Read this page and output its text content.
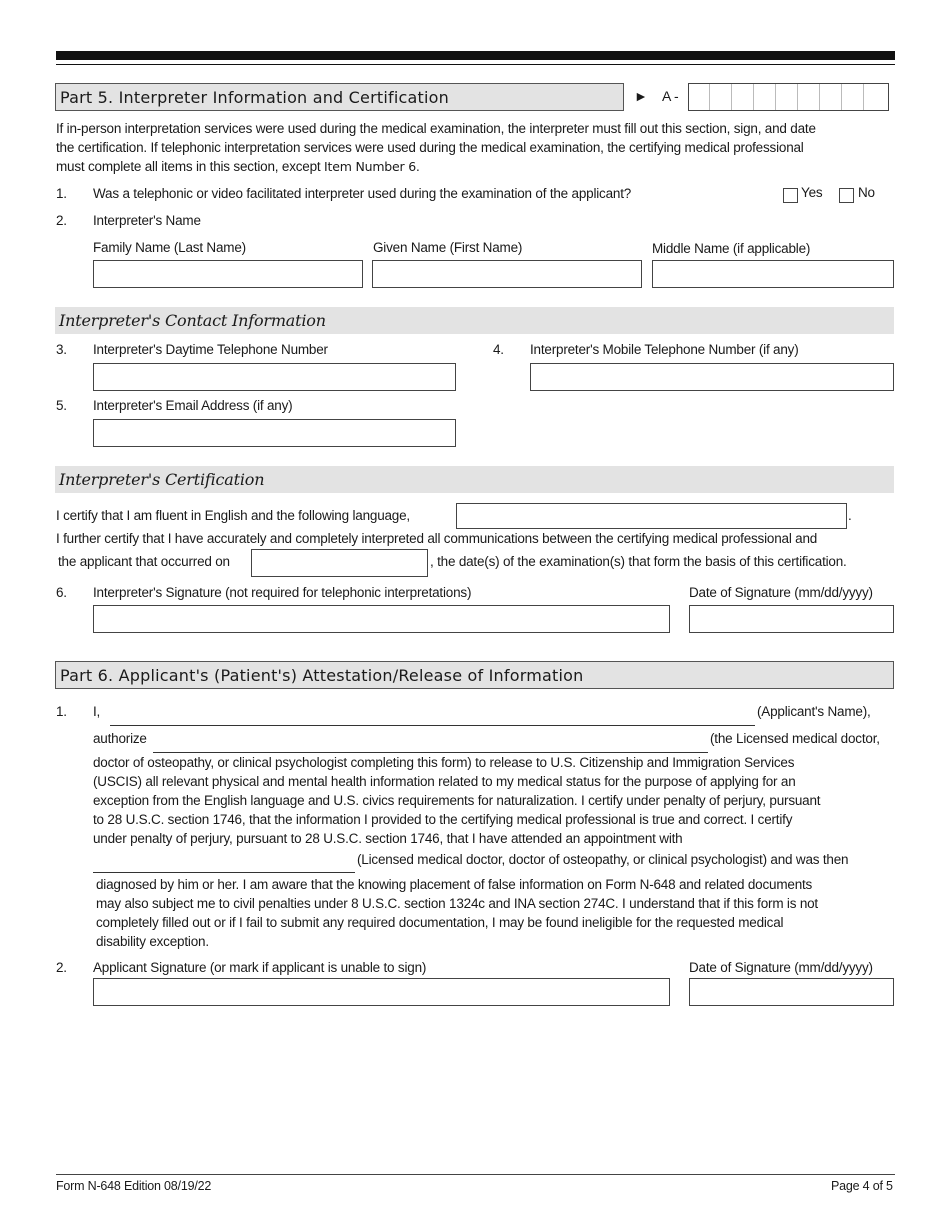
Part 5. Interpreter Information and Certification	► A -
If in-person interpretation services were used during the medical examination, the interpreter must fill out this section, sign, and date
the certification. If telephonic interpretation services were used during the medical examination, the certifying medical professional
must complete all items in this section, except Item Number 6.
1. Was a telephonic or video facilitated interpreter used during the examination of the applicant?	Yes	No
2. Interpreter's Name
Family Name (Last Name)	Given Name (First Name)	Middle Name (if applicable)
Interpreter's Contact Information
3. Interpreter's Daytime Telephone Number	4. Interpreter's Mobile Telephone Number (if any)
5. Interpreter's Email Address (if any)
Interpreter's Certification
I certify that I am fluent in English and the following language,	.
I further certify that I have accurately and completely interpreted all communications between the certifying medical professional and
the applicant that occurred on	, the date(s) of the examination(s) that form the basis of this certification.
6. Interpreter's Signature (not required for telephonic interpretations)	Date of Signature (mm/dd/yyyy)
Part 6. Applicant's (Patient's) Attestation/Release of Information
1. I,	(Applicant's Name),
authorize	(the Licensed medical doctor,
doctor of osteopathy, or clinical psychologist completing this form) to release to U.S. Citizenship and Immigration Services
(USCIS) all relevant physical and mental health information related to my medical status for the purpose of applying for an
exception from the English language and U.S. civics requirements for naturalization. I certify under penalty of perjury, pursuant
to 28 U.S.C. section 1746, that the information I provided to the certifying medical professional is true and correct. I certify
under penalty of perjury, pursuant to 28 U.S.C. section 1746, that I have attended an appointment with
(Licensed medical doctor, doctor of osteopathy, or clinical psychologist) and was then
diagnosed by him or her. I am aware that the knowing placement of false information on Form N-648 and related documents
may also subject me to civil penalties under 8 U.S.C. section 1324c and INA section 274C. I understand that if this form is not
completely filled out or if I fail to submit any required documentation, I may be found ineligible for the requested medical
disability exception.
2. Applicant Signature (or mark if applicant is unable to sign)	Date of Signature (mm/dd/yyyy)
Form N-648 Edition 08/19/22	Page 4 of 5
